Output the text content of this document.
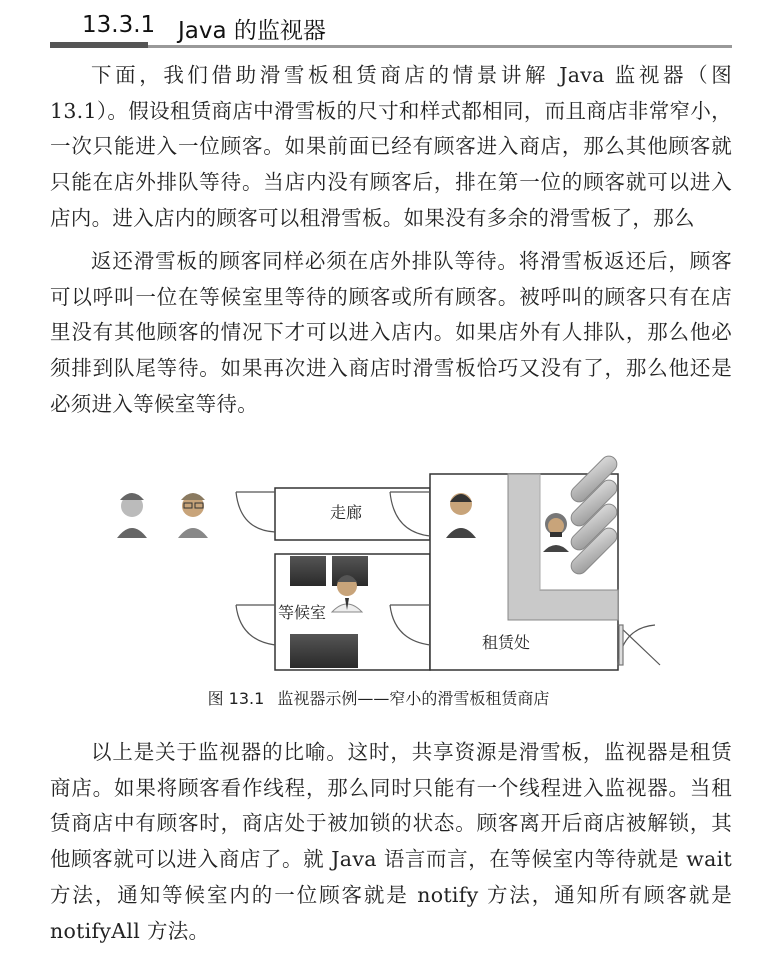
13.3.1 Java 的监视器

下面，我们借助滑雪板租赁商店的情景讲解 Java 监视器（图 13.1）。假设租赁商店中滑雪板的尺寸和样式都相同，而且商店非常窄小，一次只能进入一位顾客。如果前面已经有顾客进入商店，那么其他顾客就只能在店外排队等待。当店内没有顾客后，排在第一位的顾客就可以进入店内。进入店内的顾客可以租滑雪板。如果没有多余的滑雪板了，那么

返还滑雪板的顾客同样必须在店外排队等待。将滑雪板返还后，顾客可以呼叫一位在等候室里等待的顾客或所有顾客。被呼叫的顾客只有在店里没有其他顾客的情况下才可以进入店内。如果店外有人排队，那么他必须排到队尾等待。如果再次进入商店时滑雪板恰巧又没有了，那么他还是必须进入等候室等待。

走廊
等候室
租赁处
图 13.1 监视器示例——窄小的滑雪板租赁商店

以上是关于监视器的比喻。这时，共享资源是滑雪板，监视器是租赁商店。如果将顾客看作线程，那么同时只能有一个线程进入监视器。当租赁商店中有顾客时，商店处于被加锁的状态。顾客离开后商店被解锁，其他顾客就可以进入商店了。就 Java 语言而言，在等候室内等待就是 wait 方法，通知等候室内的一位顾客就是 notify 方法，通知所有顾客就是 notifyAll 方法。
